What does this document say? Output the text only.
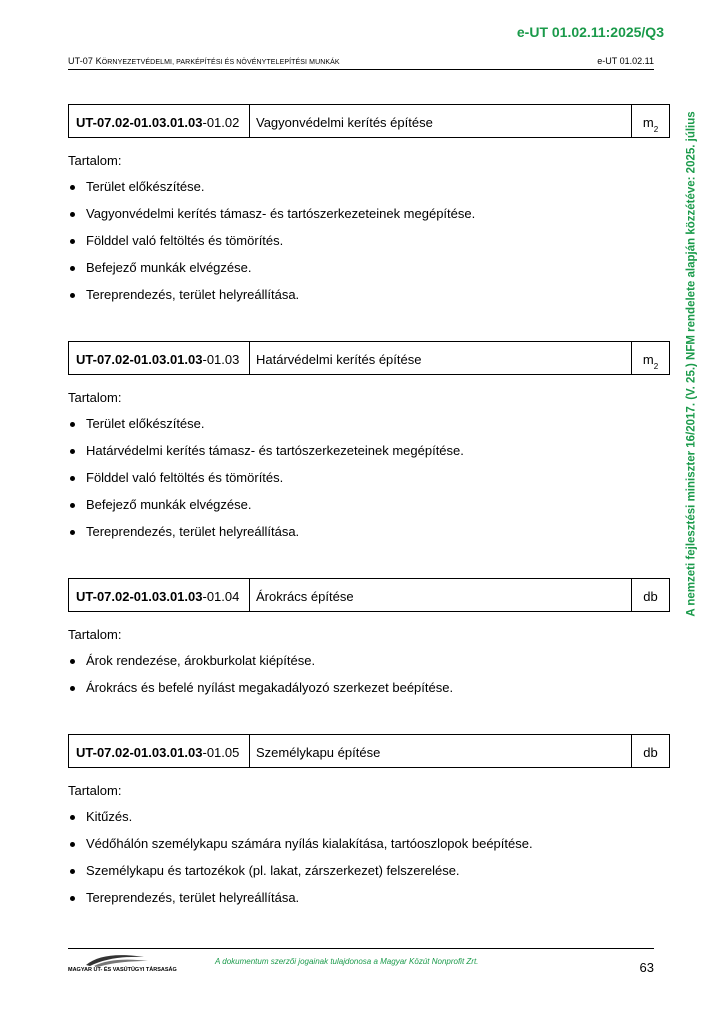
e-UT 01.02.11:2025/Q3
UT-07 KÖRNYEZETVÉDELMI, PARKÉPÍTÉSI ÉS NÖVÉNYTELEPÍTÉSI MUNKÁK	e-UT 01.02.11
A nemzeti fejlesztési miniszter 16/2017. (V. 25.) NFM rendelete alapján közzétéve: 2025. július
UT-07.02-01.03.01.03 -01.02	Vagyonvédelmi kerítés építése	m 2
Tartalom:
Terület előkészítése.
Vagyonvédelmi kerítés támasz- és tartószerkezeteinek megépítése.
Földdel való feltöltés és tömörítés.
Befejező munkák elvégzése.
Tereprendezés, terület helyreállítása.
UT-07.02-01.03.01.03 -01.03	Határvédelmi kerítés építése	m 2
Tartalom:
Terület előkészítése.
Határvédelmi kerítés támasz- és tartószerkezeteinek megépítése.
Földdel való feltöltés és tömörítés.
Befejező munkák elvégzése.
Tereprendezés, terület helyreállítása.
UT-07.02-01.03.01.03 -01.04	Árokrács építése	db
Tartalom:
Árok rendezése, árokburkolat kiépítése.
Árokrács és befelé nyílást megakadályozó szerkezet beépítése.
UT-07.02-01.03.01.03 -01.05	Személykapu építése	db
Tartalom:
Kitűzés.
Védőhálón személykapu számára nyílás kialakítása, tartóoszlopok beépítése.
Személykapu és tartozékok (pl. lakat, zárszerkezet) felszerelése.
Tereprendezés, terület helyreállítása.
MAGYAR ÚT- ÉS VASÚTÜGYI TÁRSASÁG
A dokumentum szerzői jogainak tulajdonosa a Magyar Közút Nonprofit Zrt.	63
